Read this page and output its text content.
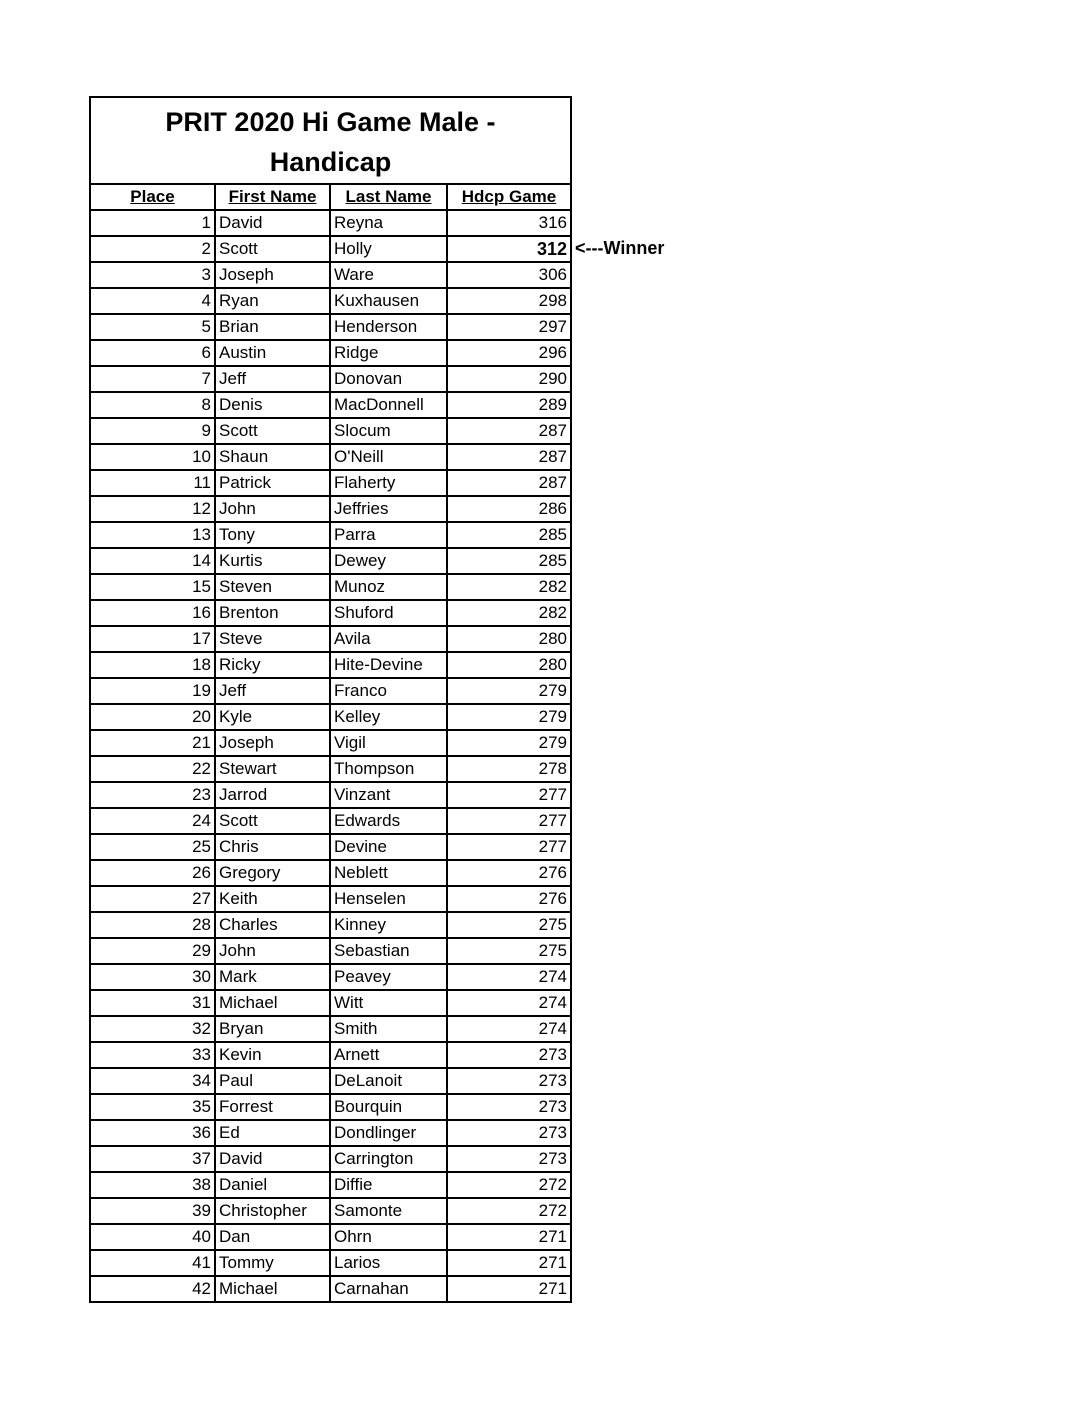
PRIT 2020 Hi Game Male -
Handicap
Place	First Name	Last Name	Hdcp Game
1	David	Reyna	316
2	Scott	Holly	312
3	Joseph	Ware	306
4	Ryan	Kuxhausen	298
5	Brian	Henderson	297
6	Austin	Ridge	296
7	Jeff	Donovan	290
8	Denis	MacDonnell	289
9	Scott	Slocum	287
10	Shaun	O'Neill	287
11	Patrick	Flaherty	287
12	John	Jeffries	286
13	Tony	Parra	285
14	Kurtis	Dewey	285
15	Steven	Munoz	282
16	Brenton	Shuford	282
17	Steve	Avila	280
18	Ricky	Hite-Devine	280
19	Jeff	Franco	279
20	Kyle	Kelley	279
21	Joseph	Vigil	279
22	Stewart	Thompson	278
23	Jarrod	Vinzant	277
24	Scott	Edwards	277
25	Chris	Devine	277
26	Gregory	Neblett	276
27	Keith	Henselen	276
28	Charles	Kinney	275
29	John	Sebastian	275
30	Mark	Peavey	274
31	Michael	Witt	274
32	Bryan	Smith	274
33	Kevin	Arnett	273
34	Paul	DeLanoit	273
35	Forrest	Bourquin	273
36	Ed	Dondlinger	273
37	David	Carrington	273
38	Daniel	Diffie	272
39	Christopher	Samonte	272
40	Dan	Ohrn	271
41	Tommy	Larios	271
42	Michael	Carnahan	271
<---Winner
